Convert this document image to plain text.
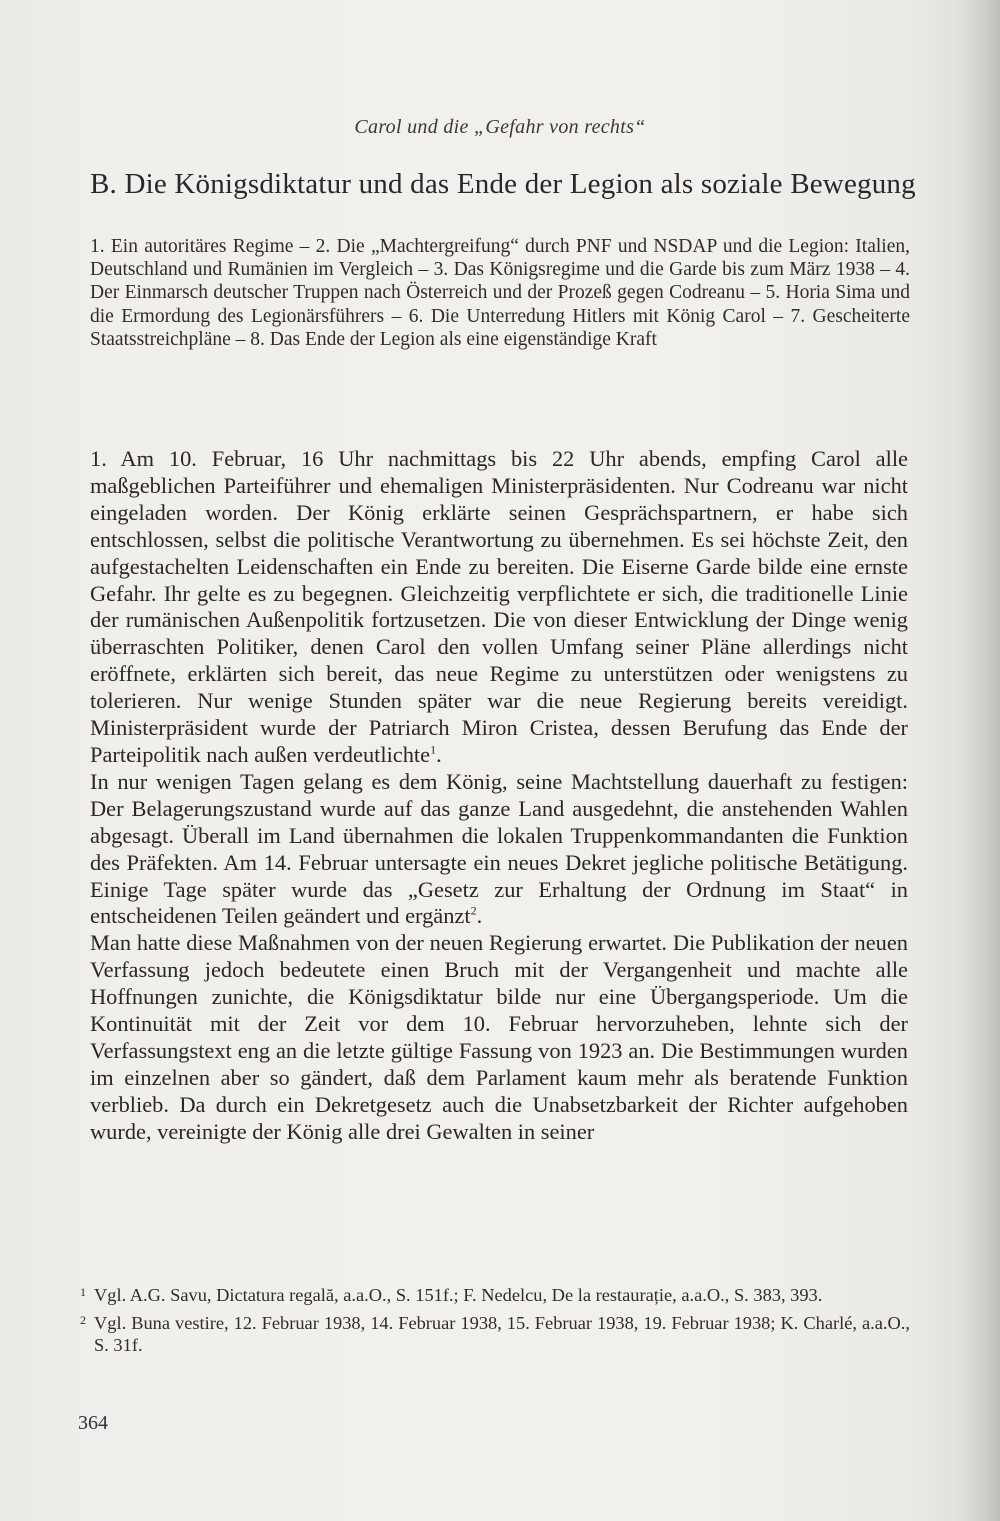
Carol und die „Gefahr von rechts“
B. Die Königsdiktatur und das Ende der Legion als soziale Bewegung
1. Ein autoritäres Regime – 2. Die „Machtergreifung“ durch PNF und NSDAP und die Legion: Italien, Deutschland und Rumänien im Vergleich – 3. Das Königsregime und die Garde bis zum März 1938 – 4. Der Einmarsch deutscher Truppen nach Österreich und der Prozeß gegen Codreanu – 5. Horia Sima und die Ermordung des Legionärsführers – 6. Die Unterredung Hitlers mit König Carol – 7. Gescheiterte Staatsstreichpläne – 8. Das Ende der Legion als eine eigenständige Kraft

1. Am 10. Februar, 16 Uhr nachmittags bis 22 Uhr abends, empfing Carol alle maßgeblichen Parteiführer und ehemaligen Ministerpräsidenten. Nur Codreanu war nicht eingeladen worden. Der König erklärte seinen Gesprächspartnern, er habe sich entschlossen, selbst die politische Verantwortung zu übernehmen. Es sei höchste Zeit, den aufgestachelten Leidenschaften ein Ende zu bereiten. Die Eiserne Garde bilde eine ernste Gefahr. Ihr gelte es zu begegnen. Gleichzeitig verpflichtete er sich, die traditionelle Linie der rumänischen Außenpolitik fortzusetzen. Die von dieser Entwicklung der Dinge wenig überraschten Politiker, denen Carol den vollen Umfang seiner Pläne allerdings nicht eröffnete, erklärten sich bereit, das neue Regime zu unterstützen oder wenigstens zu tolerieren. Nur wenige Stunden später war die neue Regierung bereits vereidigt. Ministerpräsident wurde der Patriarch Miron Cristea, dessen Berufung das Ende der Parteipolitik nach außen verdeutlichte$^1$.

In nur wenigen Tagen gelang es dem König, seine Machtstellung dauerhaft zu festigen: Der Belagerungszustand wurde auf das ganze Land ausgedehnt, die anstehenden Wahlen abgesagt. Überall im Land übernahmen die lokalen Truppenkommandanten die Funktion des Präfekten. Am 14. Februar untersagte ein neues Dekret jegliche politische Betätigung. Einige Tage später wurde das „Gesetz zur Erhaltung der Ordnung im Staat“ in entscheidenen Teilen geändert und ergänzt$^2$.

Man hatte diese Maßnahmen von der neuen Regierung erwartet. Die Publikation der neuen Verfassung jedoch bedeutete einen Bruch mit der Vergangenheit und machte alle Hoffnungen zunichte, die Königsdiktatur bilde nur eine Übergangsperiode. Um die Kontinuität mit der Zeit vor dem 10. Februar hervorzuheben, lehnte sich der Verfassungstext eng an die letzte gültige Fassung von 1923 an. Die Bestimmungen wurden im einzelnen aber so gändert, daß dem Parlament kaum mehr als beratende Funktion verblieb. Da durch ein Dekretgesetz auch die Unabsetzbarkeit der Richter aufgehoben wurde, vereinigte der König alle drei Gewalten in seiner

1 Vgl. A.G. Savu, Dictatura regală, a.a.O., S. 151f.; F. Nedelcu, De la restaurație, a.a.O., S. 383, 393.
2 Vgl. Buna vestire, 12. Februar 1938, 14. Februar 1938, 15. Februar 1938, 19. Februar 1938; K. Charlé, a.a.O., S. 31f.
364
